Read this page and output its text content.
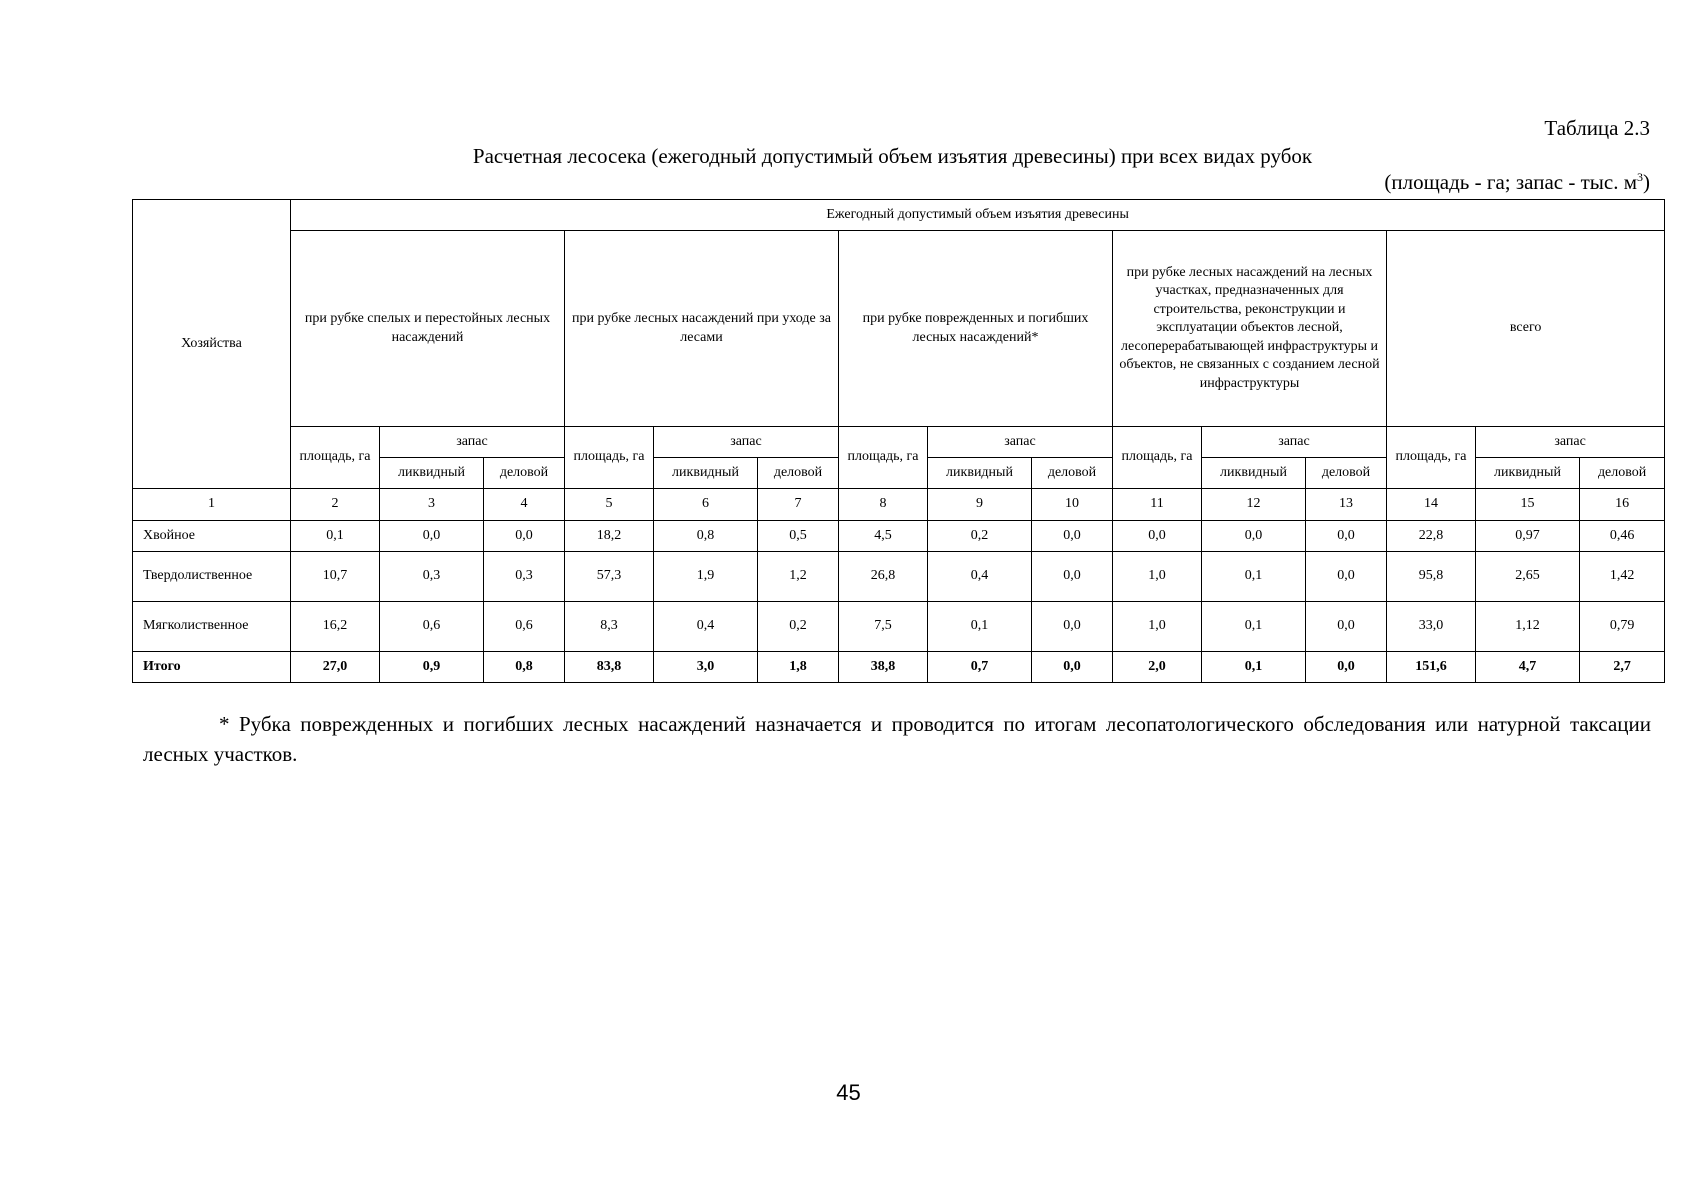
Таблица 2.3
Расчетная лесосека (ежегодный допустимый объем изъятия древесины) при всех видах рубок
(площадь - га; запас - тыс. $м^3$)
Хозяйства	Ежегодный допустимый объем изъятия древесины														
	при рубке спелых и перестойных лесных насаждений			при рубке лесных насаждений при уходе за лесами			при рубке поврежденных и погибших лесных насаждений*			при рубке лесных насаждений на лесных участках, предназначенных для строительства, реконструкции и эксплуатации объектов лесной, лесоперерабатывающей инфраструктуры и объектов, не связанных с созданием лесной инфраструктуры			всего		
	площадь, га	запас		площадь, га	запас		площадь, га	запас		площадь, га	запас		площадь, га	запас	
		ликвидный	деловой		ликвидный	деловой		ликвидный	деловой		ликвидный	деловой		ликвидный	деловой
1	2	3	4	5	6	7	8	9	10	11	12	13	14	15	16
Хвойное	0,1	0,0	0,0	18,2	0,8	0,5	4,5	0,2	0,0	0,0	0,0	0,0	22,8	0,97	0,46
Твердолиственное	10,7	0,3	0,3	57,3	1,9	1,2	26,8	0,4	0,0	1,0	0,1	0,0	95,8	2,65	1,42
Мягколиственное	16,2	0,6	0,6	8,3	0,4	0,2	7,5	0,1	0,0	1,0	0,1	0,0	33,0	1,12	0,79
Итого	27,0	0,9	0,8	83,8	3,0	1,8	38,8	0,7	0,0	2,0	0,1	0,0	151,6	4,7	2,7
* Рубка поврежденных и погибших лесных насаждений назначается и проводится по итогам лесопатологического обследования или натурной таксации лесных участков.
45
